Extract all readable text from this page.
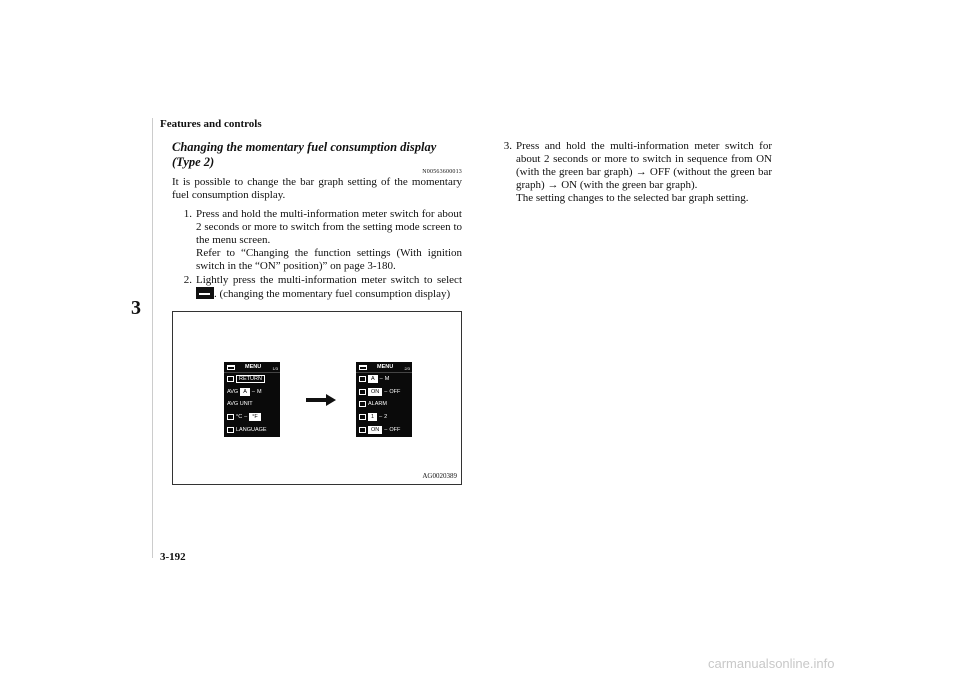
Features and controls
3
Changing the momentary fuel consumption display
(Type 2)
N00563600013

It is possible to change the bar graph setting of the momentary fuel consumption display.

1. Press and hold the multi-information meter switch for about 2 seconds or more to switch from the setting mode screen to the menu screen.
Refer to “Changing the function settings (With ignition switch in the “ON” position)” on page 3-180.
2. Lightly press the multi-information meter switch to select . (changing the momentary fuel consumption display)
MENU	1/3
RETURN
AVG A – M
AVG UNIT
°C – °F
LANGUAGE
MENU	2/3
A – M
ON – OFF
ALARM
1 – 2
ON – OFF
AG0020389
3. Press and hold the multi-information meter switch for about 2 seconds or more to switch in sequence from ON (with the green bar graph) → OFF (without the green bar graph) → ON (with the green bar graph).
The setting changes to the selected bar graph setting.
3-192
carmanualsonline.info
